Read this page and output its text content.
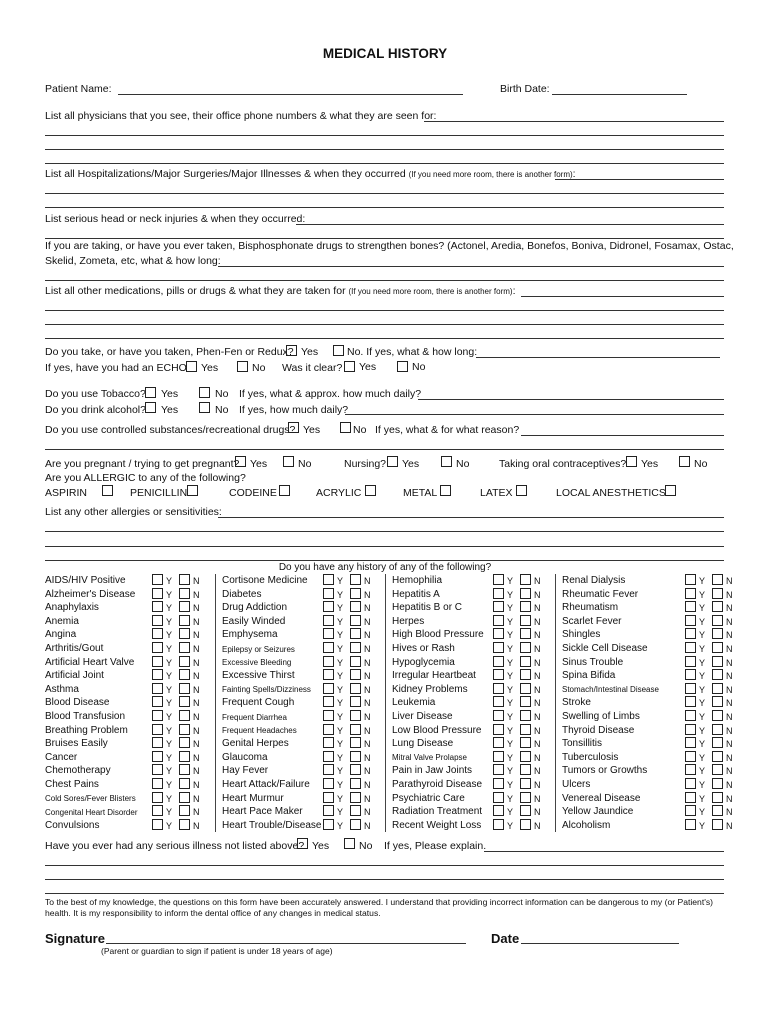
MEDICAL HISTORY
Patient Name:	Birth Date:
List all physicians that you see, their office phone numbers & what they are seen for:
List all Hospitalizations/Major Surgeries/Major Illnesses & when they occurred (If you need more room, there is another form):
List serious head or neck injuries & when they occurred:
If you are taking, or have you ever taken, Bisphosphonate drugs to strengthen bones? (Actonel, Aredia, Bonefos, Boniva, Didronel, Fosamax, Ostac,
Skelid, Zometa, etc, what & how long:
List all other medications, pills or drugs & what they are taken for (If you need more room, there is another form):
Do you take, or have you taken, Phen-Fen or Redux? Yes	No. If yes, what & how long:
If yes, have you had an ECHO Yes	No Was it clear? Yes	No
Do you use Tobacco? Yes	No If yes, what & approx. how much daily?
Do you drink alcohol? Yes	No If yes, how much daily?
Do you use controlled substances/recreational drugs? Yes	No If yes, what & for what reason?
Are you pregnant / trying to get pregnant? Yes	No	Nursing? Yes	No	Taking oral contraceptives? Yes	No
Are you ALLERGIC to any of the following?
ASPIRIN	PENICILLIN	CODEINE	ACRYLIC	METAL	LATEX	LOCAL ANESTHETICS
List any other allergies or sensitivities:
Do you have any history of any of the following?
AIDS/HIV Positive	Y N
Alzheimer's Disease	Y N
Anaphylaxis	Y N
Anemia	Y N
Angina	Y N
Arthritis/Gout	Y N
Artificial Heart Valve	Y N
Artificial Joint	Y N
Asthma	Y N
Blood Disease	Y N
Blood Transfusion	Y N
Breathing Problem	Y N
Bruises Easily	Y N
Cancer	Y N
Chemotherapy	Y N
Chest Pains	Y N
Cold Sores/Fever Blisters	Y N
Congenital Heart Disorder	Y N
Convulsions	Y N
Cortisone Medicine	Y N
Diabetes	Y N
Drug Addiction	Y N
Easily Winded	Y N
Emphysema	Y N
Epilepsy or Seizures	Y N
Excessive Bleeding	Y N
Excessive Thirst	Y N
Fainting Spells/Dizziness	Y N
Frequent Cough	Y N
Frequent Diarrhea	Y N
Frequent Headaches	Y N
Genital Herpes	Y N
Glaucoma	Y N
Hay Fever	Y N
Heart Attack/Failure	Y N
Heart Murmur	Y N
Heart Pace Maker	Y N
Heart Trouble/Disease Y N
Hemophilia	Y N
Hepatitis A	Y N
Hepatitis B or C	Y N
Herpes	Y N
High Blood Pressure	Y N
Hives or Rash	Y N
Hypoglycemia	Y N
Irregular Heartbeat	Y N
Kidney Problems	Y N
Leukemia	Y N
Liver Disease	Y N
Low Blood Pressure	Y N
Lung Disease	Y N
Mitral Valve Prolapse	Y N
Pain in Jaw Joints	Y N
Parathyroid Disease	Y N
Psychiatric Care	Y N
Radiation Treatment	Y N
Recent Weight Loss	Y N
Renal Dialysis	Y N
Rheumatic Fever	Y N
Rheumatism	Y N
Scarlet Fever	Y N
Shingles	Y N
Sickle Cell Disease	Y N
Sinus Trouble	Y N
Spina Bifida	Y N
Stomach/Intestinal Disease	Y N
Stroke	Y N
Swelling of Limbs	Y N
Thyroid Disease	Y N
Tonsillitis	Y N
Tuberculosis	Y N
Tumors or Growths	Y N
Ulcers	Y N
Venereal Disease	Y N
Yellow Jaundice	Y N
Alcoholism	Y N
Have you ever had any serious illness not listed above? Yes	No If yes, Please explain.
To the best of my knowledge, the questions on this form have been accurately answered. I understand that providing incorrect information can be dangerous to my (or Patient's) health. It is my responsibility to inform the dental office of any changes in medical status.
Signature
(Parent or guardian to sign if patient is under 18 years of age)
Date
